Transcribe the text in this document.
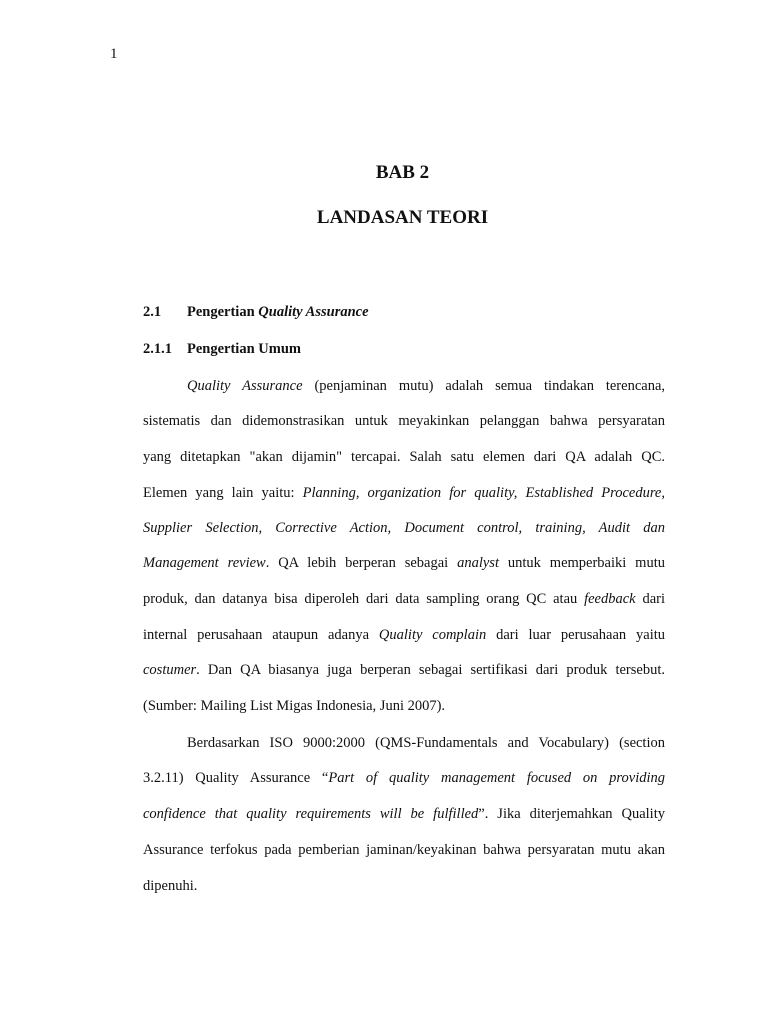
1
BAB 2
LANDASAN TEORI
2.1 Pengertian Quality Assurance
2.1.1 Pengertian Umum
Quality Assurance (penjaminan mutu) adalah semua tindakan terencana,
sistematis dan didemonstrasikan untuk meyakinkan pelanggan bahwa persyaratan
yang ditetapkan "akan dijamin" tercapai. Salah satu elemen dari QA adalah QC.
Elemen yang lain yaitu: Planning, organization for quality, Established Procedure,
Supplier Selection, Corrective Action, Document control, training, Audit dan
Management review. QA lebih berperan sebagai analyst untuk memperbaiki mutu
produk, dan datanya bisa diperoleh dari data sampling orang QC atau feedback dari
internal perusahaan ataupun adanya Quality complain dari luar perusahaan yaitu
costumer. Dan QA biasanya juga berperan sebagai sertifikasi dari produk tersebut.
(Sumber: Mailing List Migas Indonesia, Juni 2007).
Berdasarkan ISO 9000:2000 (QMS-Fundamentals and Vocabulary) (section
3.2.11) Quality Assurance “Part of quality management focused on providing
confidence that quality requirements will be fulfilled”. Jika diterjemahkan Quality
Assurance terfokus pada pemberian jaminan/keyakinan bahwa persyaratan mutu akan
dipenuhi.
